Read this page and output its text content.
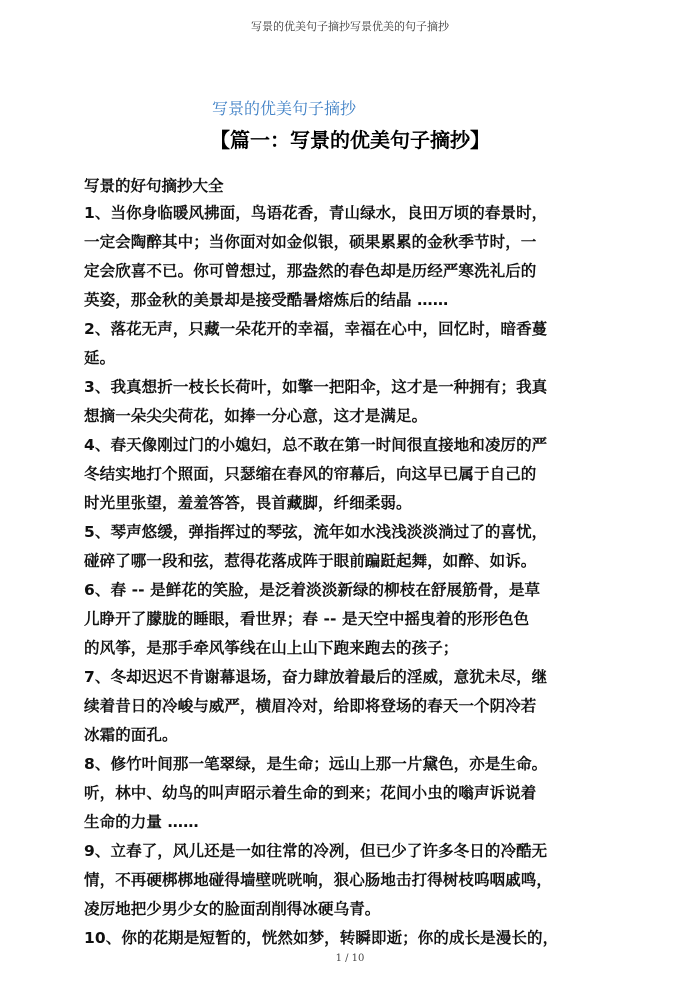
写景的优美句子摘抄写景优美的句子摘抄
写景的优美句子摘抄
【篇一：写景的优美句子摘抄】
写景的好句摘抄大全
1、当你身临暖风拂面，鸟语花香，青山绿水，良田万顷的春景时，
一定会陶醉其中；当你面对如金似银，硕果累累的金秋季节时，一
定会欣喜不已。你可曾想过，那盎然的春色却是历经严寒洗礼后的
英姿，那金秋的美景却是接受酷暑熔炼后的结晶 ……
2、落花无声，只藏一朵花开的幸福，幸福在心中，回忆时，暗香蔓
延。
3、我真想折一枝长长荷叶，如擎一把阳伞，这才是一种拥有；我真
想摘一朵尖尖荷花，如捧一分心意，这才是满足。
4、春天像刚过门的小媳妇，总不敢在第一时间很直接地和凌厉的严
冬结实地打个照面，只瑟缩在春风的帘幕后，向这早已属于自己的
时光里张望，羞羞答答，畏首藏脚，纤细柔弱。
5、琴声悠缓，弹指挥过的琴弦，流年如水浅浅淡淡淌过了的喜忧，
碰碎了哪一段和弦，惹得花落成阵于眼前蹁跹起舞，如醉、如诉。
6、春 -- 是鲜花的笑脸，是泛着淡淡新绿的柳枝在舒展筋骨，是草
儿睁开了朦胧的睡眼，看世界；春 -- 是天空中摇曳着的形形色色
的风筝，是那手牵风筝线在山上山下跑来跑去的孩子；
7、冬却迟迟不肯谢幕退场，奋力肆放着最后的淫威，意犹未尽，继
续着昔日的冷峻与威严，横眉冷对，给即将登场的春天一个阴冷若
冰霜的面孔。
8、修竹叶间那一笔翠绿，是生命；远山上那一片黛色，亦是生命。
听，林中、幼鸟的叫声昭示着生命的到来；花间小虫的嗡声诉说着
生命的力量 ……
9、立春了，风儿还是一如往常的冷冽，但已少了许多冬日的冷酷无
情，不再硬梆梆地碰得墙壁咣咣响，狠心肠地击打得树枝呜咽戚鸣，
凌厉地把少男少女的脸面刮削得冰硬乌青。
10、你的花期是短暂的，恍然如梦，转瞬即逝；你的成长是漫长的，
1 / 10
